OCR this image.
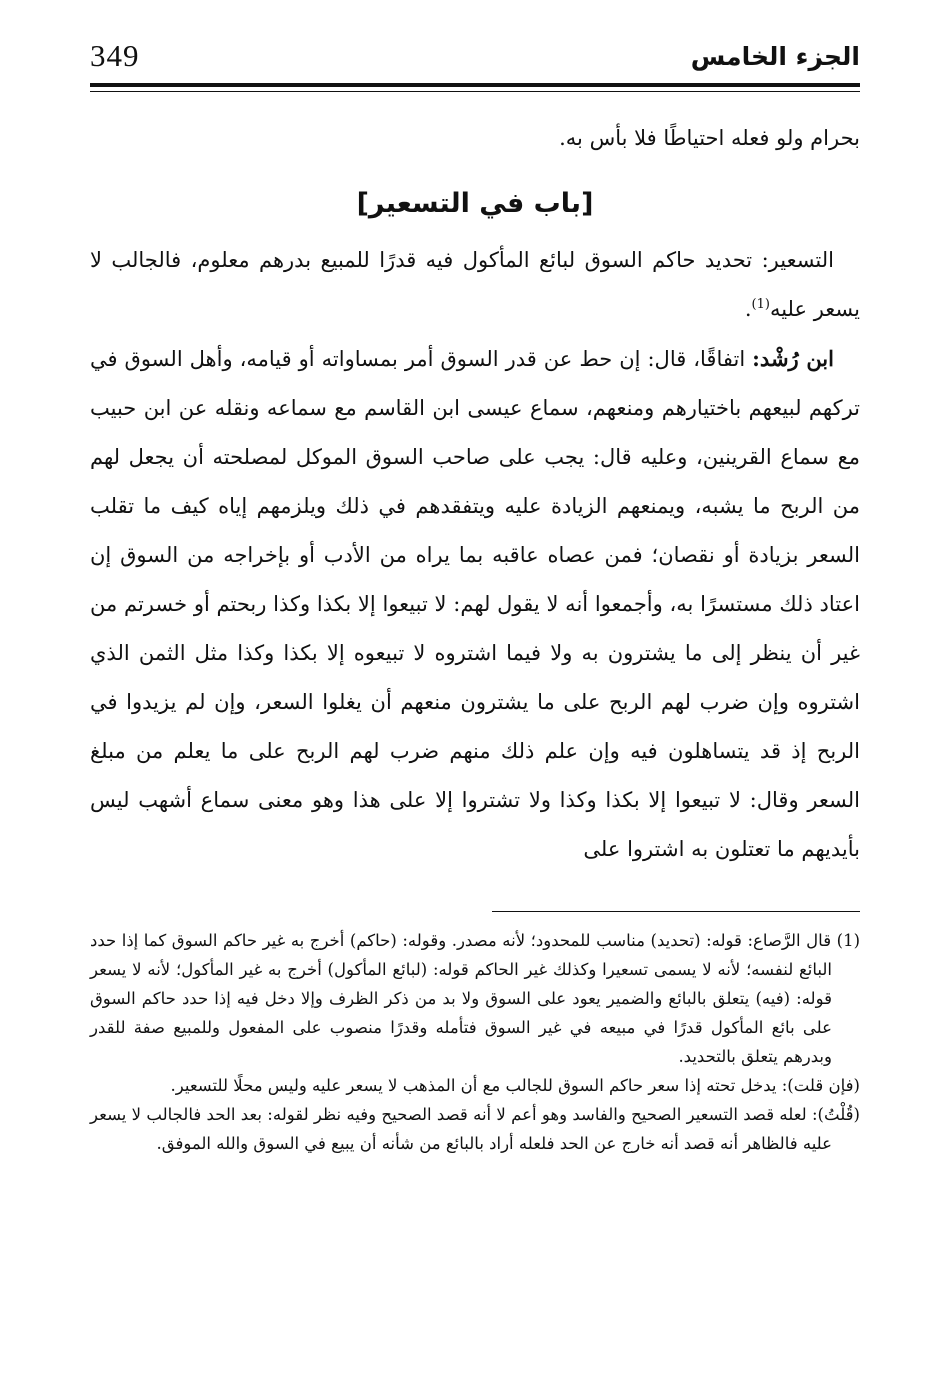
349	الجزء الخامس

بحرام ولو فعله احتياطًا فلا بأس به.

[باب في التسعير]

التسعير: تحديد حاكم السوق لبائع المأكول فيه قدرًا للمبيع بدرهم معلوم، فالجالب لا يسعر عليه$^{(1)}$.

ابن رُشْد: اتفاقًا، قال: إن حط عن قدر السوق أمر بمساواته أو قيامه، وأهل السوق في تركهم لبيعهم باختيارهم ومنعهم، سماع عيسى ابن القاسم مع سماعه ونقله عن ابن حبيب مع سماع القرينين، وعليه قال: يجب على صاحب السوق الموكل لمصلحته أن يجعل لهم من الربح ما يشبه، ويمنعهم الزيادة عليه ويتفقدهم في ذلك ويلزمهم إياه كيف ما تقلب السعر بزيادة أو نقصان؛ فمن عصاه عاقبه بما يراه من الأدب أو بإخراجه من السوق إن اعتاد ذلك مستسرًا به، وأجمعوا أنه لا يقول لهم: لا تبيعوا إلا بكذا وكذا ربحتم أو خسرتم من غير أن ينظر إلى ما يشترون به ولا فيما اشتروه لا تبيعوه إلا بكذا وكذا مثل الثمن الذي اشتروه وإن ضرب لهم الربح على ما يشترون منعهم أن يغلوا السعر، وإن لم يزيدوا في الربح إذ قد يتساهلون فيه وإن علم ذلك منهم ضرب لهم الربح على ما يعلم من مبلغ السعر وقال: لا تبيعوا إلا بكذا وكذا ولا تشتروا إلا على هذا وهو معنى سماع أشهب ليس بأيديهم ما تعتلون به اشتروا على

(1) قال الرَّصاع: قوله: (تحديد) مناسب للمحدود؛ لأنه مصدر. وقوله: (حاكم) أخرج به غير حاكم السوق كما إذا حدد البائع لنفسه؛ لأنه لا يسمى تسعيرا وكذلك غير الحاكم قوله: (لبائع المأكول) أخرج به غير المأكول؛ لأنه لا يسعر قوله: (فيه) يتعلق بالبائع والضمير يعود على السوق ولا بد من ذكر الظرف وإلا دخل فيه إذا حدد حاكم السوق على بائع المأكول قدرًا في مبيعه في غير السوق فتأمله وقدرًا منصوب على المفعول وللمبيع صفة للقدر وبدرهم يتعلق بالتحديد.

(فإن قلت): يدخل تحته إذا سعر حاكم السوق للجالب مع أن المذهب لا يسعر عليه وليس محلًا للتسعير.

(قُلْتُ): لعله قصد التسعير الصحيح والفاسد وهو أعم لا أنه قصد الصحيح وفيه نظر لقوله: بعد الحد فالجالب لا يسعر عليه فالظاهر أنه قصد أنه خارج عن الحد فلعله أراد بالبائع من شأنه أن يبيع في السوق والله الموفق.
